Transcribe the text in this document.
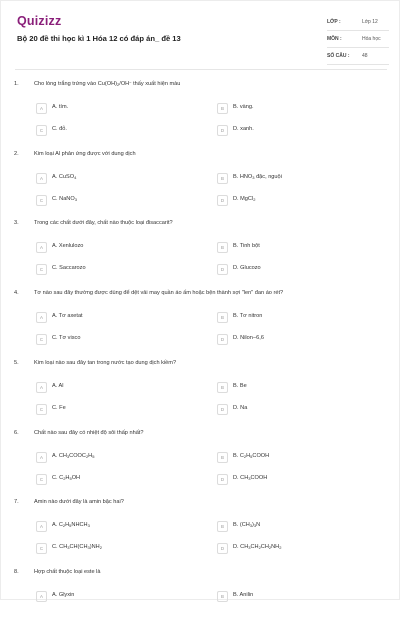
Quizizz
Bộ 20 đề thi học kì 1 Hóa 12 có đáp án_ đề 13
LỚP :	Lớp 12
MÔN :	Hóa học
SỐ CÂU :	48
1.	Cho lòng trắng trứng vào $Cu(OH)_2/OH^-$ thấy xuất hiện màu
A	A. tím.	B	B. vàng.
C	C. đỏ.	D	D. xanh.
2.	Kim loại Al phản ứng được với dung dịch
A	A. CuSO$_4$	B	B. $HNO_3$ đặc, nguội
C	C. NaNO$_3$	D	D. MgCl$_2$
3.	Trong các chất dưới đây, chất nào thuộc loại đisaccarit?
A	A. Xenlulozo	B	B. Tinh bột
C	C. Saccarozo	D	D. Glucozo
4.	Tơ nào sau đây thường được dùng để dệt vải may quần áo ấm hoặc bện thành sợi "len" đan áo rét?
A	A. Tơ axetat	B	B. Tơ nitron
C	C. Tơ visco	D	D. Nilon−6,6
5.	Kim loại nào sau đây tan trong nước tạo dung dịch kiềm?
A	A. Al	B	B. Be
C	C. Fe	D	D. Na
6.	Chất nào sau đây có nhiệt độ sôi thấp nhất?
A	A. $CH_3COOC_2H_5$	B	B. $C_2H_5COOH$
C	C. $C_2H_5OH$	D	D. $CH_3COOH$
7.	Amin nào dưới đây là amin bậc hai?
A	A. $C_2H_5NHCH_3$	B	B. $(CH_3)_3N$
C	C. $CH_3CH(CH_3)NH_2$	D	D. $CH_3CH_2CH_2NH_2$
8.	Hợp chất thuộc loại este là
A	A. Glyxin	B	B. Anilin
